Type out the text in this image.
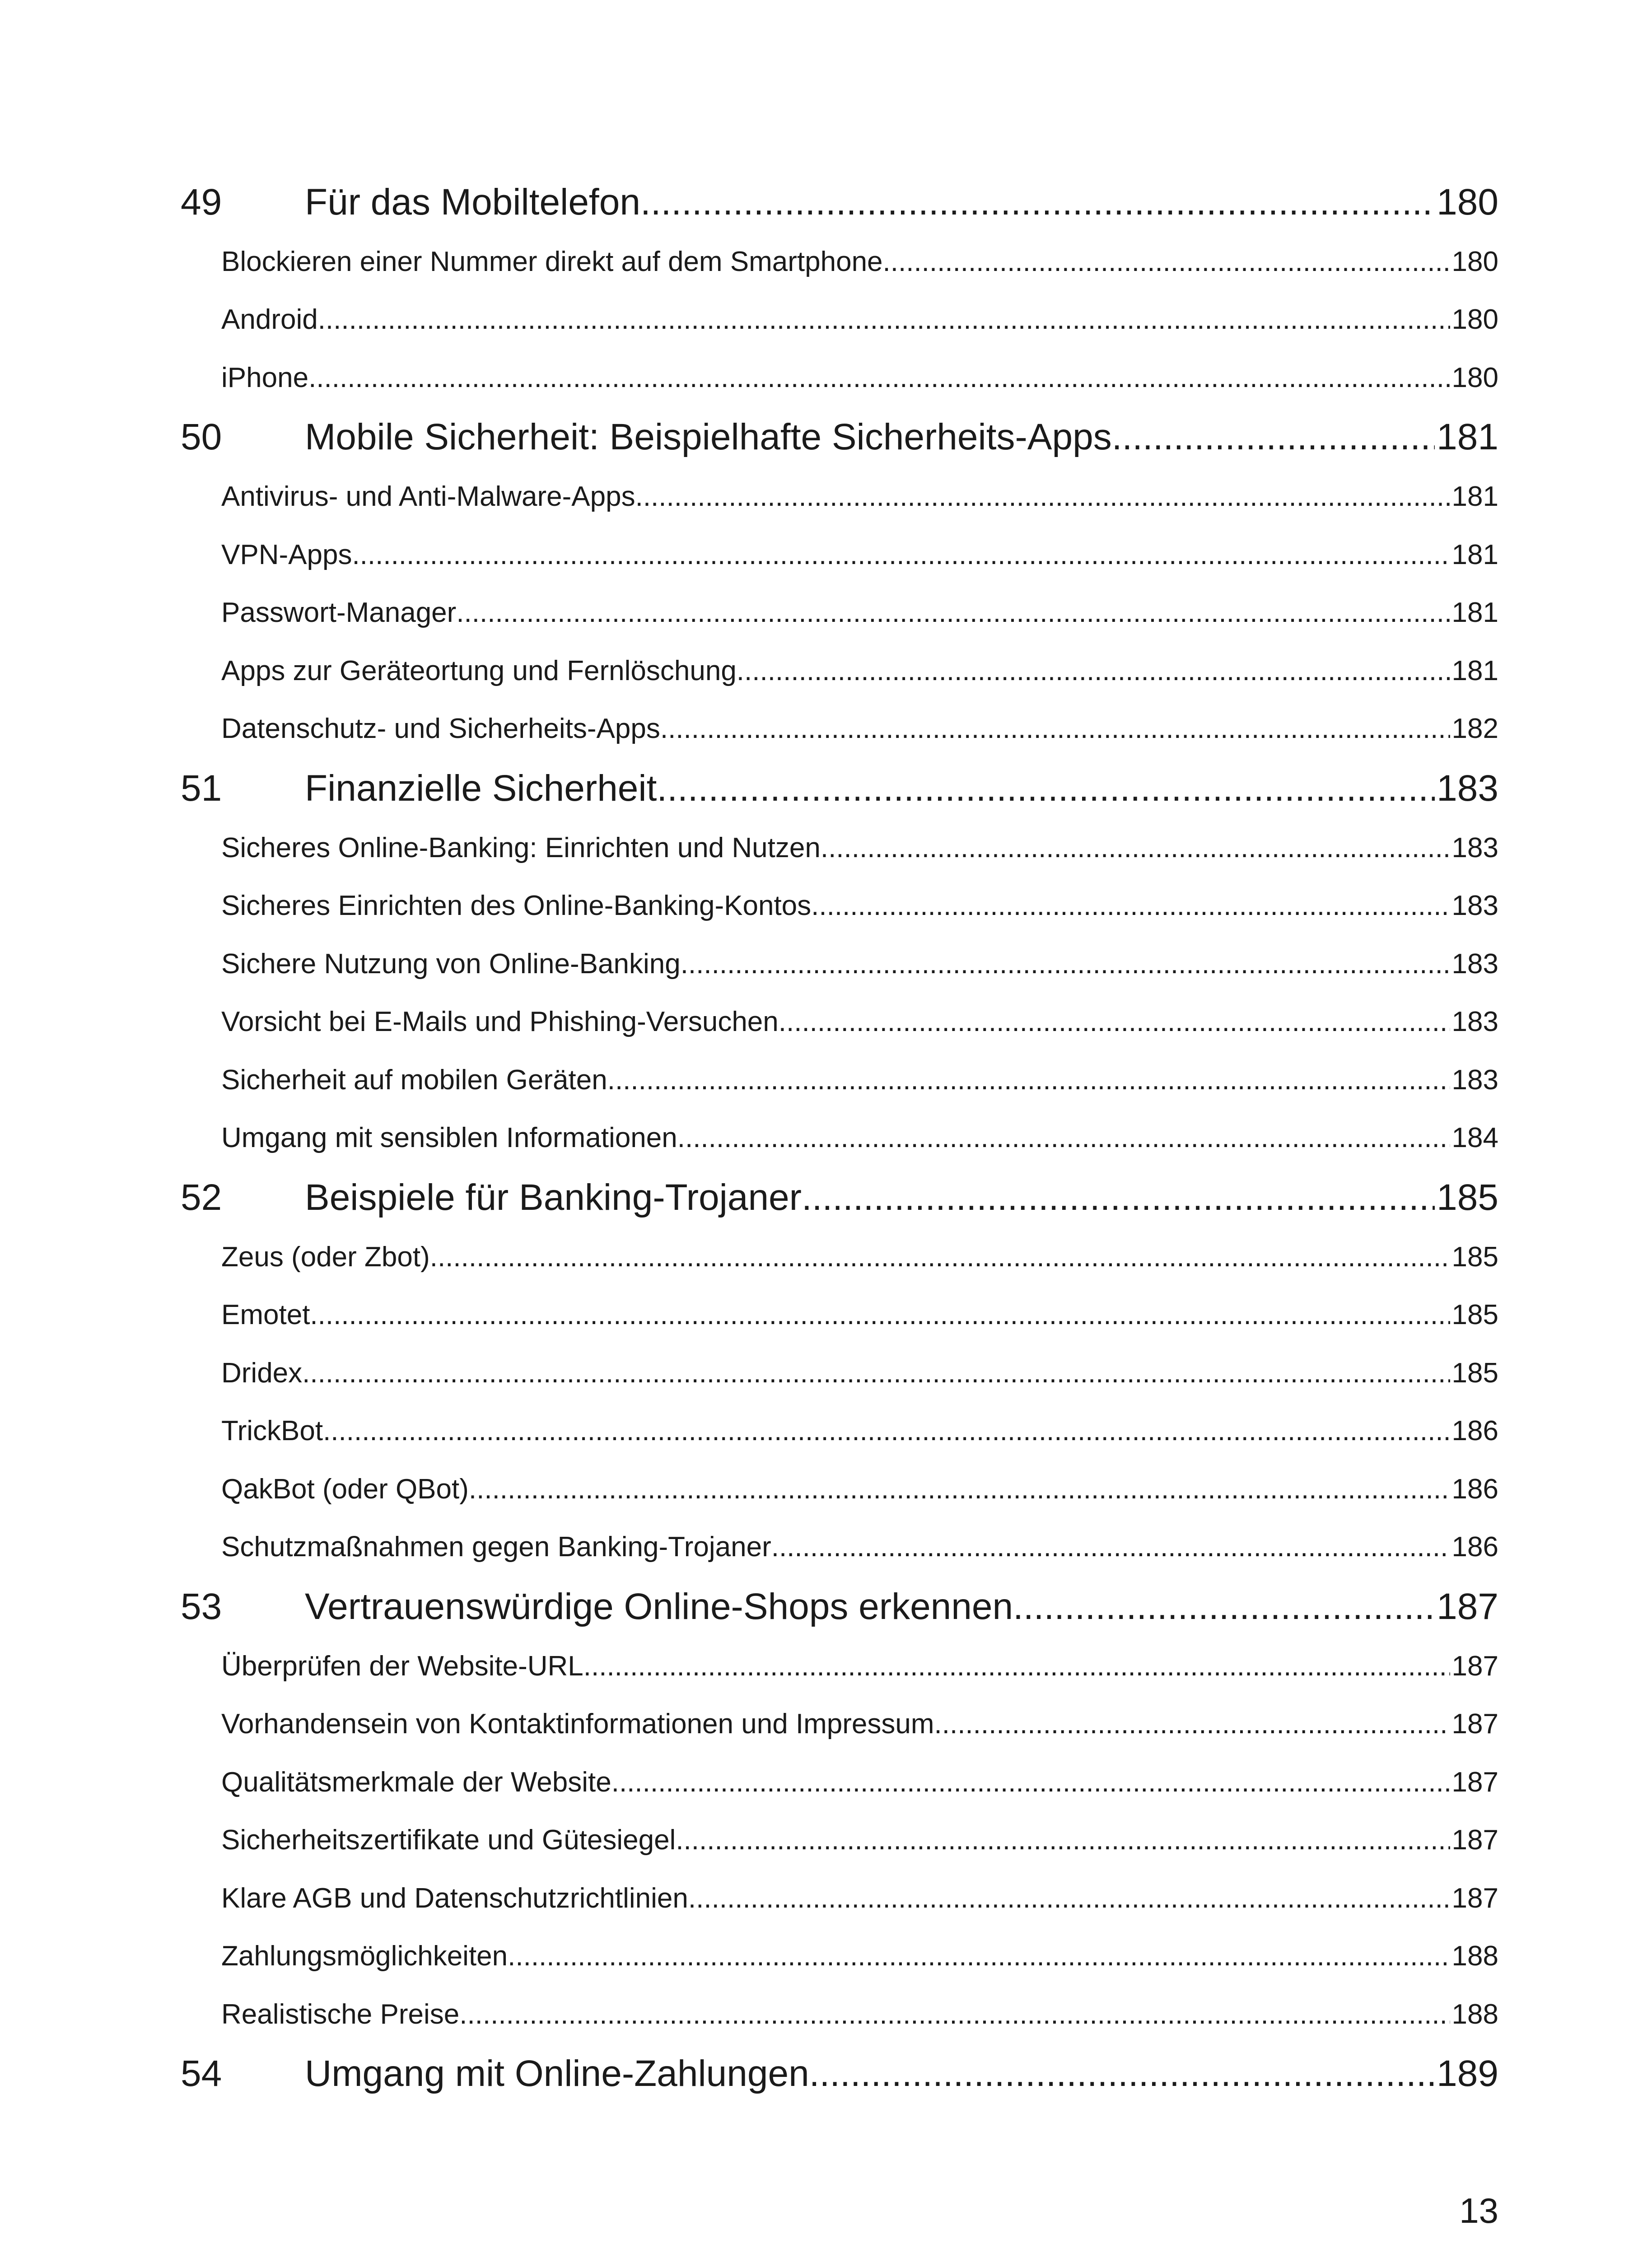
49	Für das Mobiltelefon .....	180
Blockieren einer Nummer direkt auf dem Smartphone .....	180
Android .....	180
iPhone .....	180
50	Mobile Sicherheit: Beispielhafte Sicherheits-Apps .....	181
Antivirus- und Anti-Malware-Apps .....	181
VPN-Apps .....	181
Passwort-Manager .....	181
Apps zur Geräteortung und Fernlöschung .....	181
Datenschutz- und Sicherheits-Apps .....	182
51	Finanzielle Sicherheit .....	183
Sicheres Online-Banking: Einrichten und Nutzen .....	183
Sicheres Einrichten des Online-Banking-Kontos .....	183
Sichere Nutzung von Online-Banking .....	183
Vorsicht bei E-Mails und Phishing-Versuchen .....	183
Sicherheit auf mobilen Geräten .....	183
Umgang mit sensiblen Informationen .....	184
52	Beispiele für Banking-Trojaner .....	185
Zeus (oder Zbot) .....	185
Emotet .....	185
Dridex .....	185
TrickBot .....	186
QakBot (oder QBot) .....	186
Schutzmaßnahmen gegen Banking-Trojaner .....	186
53	Vertrauenswürdige Online-Shops erkennen .....	187
Überprüfen der Website-URL .....	187
Vorhandensein von Kontaktinformationen und Impressum .....	187
Qualitätsmerkmale der Website .....	187
Sicherheitszertifikate und Gütesiegel .....	187
Klare AGB und Datenschutzrichtlinien .....	187
Zahlungsmöglichkeiten .....	188
Realistische Preise .....	188
54	Umgang mit Online-Zahlungen .....	189
13
